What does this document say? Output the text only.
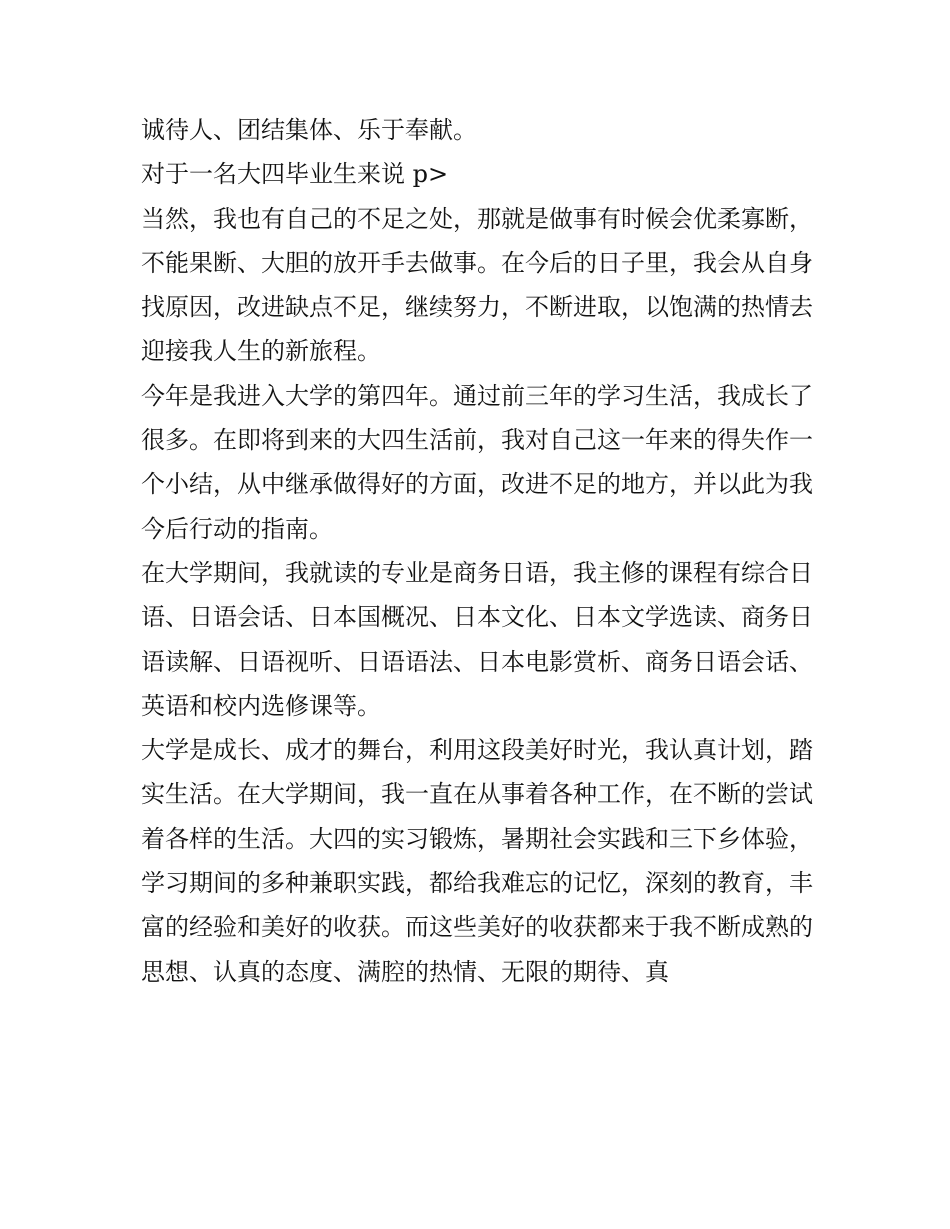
诚待人、团结集体、乐于奉献。

对于一名大四毕业生来说 p>

当然，我也有自己的不足之处，那就是做事有时候会优柔寡断，不能果断、大胆的放开手去做事。在今后的日子里，我会从自身找原因，改进缺点不足，继续努力，不断进取，以饱满的热情去迎接我人生的新旅程。

今年是我进入大学的第四年。通过前三年的学习生活，我成长了很多。在即将到来的大四生活前，我对自己这一年来的得失作一个小结，从中继承做得好的方面，改进不足的地方，并以此为我今后行动的指南。

在大学期间，我就读的专业是商务日语，我主修的课程有综合日语、日语会话、日本国概况、日本文化、日本文学选读、商务日语读解、日语视听、日语语法、日本电影赏析、商务日语会话、英语和校内选修课等。

大学是成长、成才的舞台，利用这段美好时光，我认真计划，踏实生活。在大学期间，我一直在从事着各种工作，在不断的尝试着各样的生活。大四的实习锻炼，暑期社会实践和三下乡体验，学习期间的多种兼职实践，都给我难忘的记忆，深刻的教育，丰富的经验和美好的收获。而这些美好的收获都来于我不断成熟的思想、认真的态度、满腔的热情、无限的期待、真
